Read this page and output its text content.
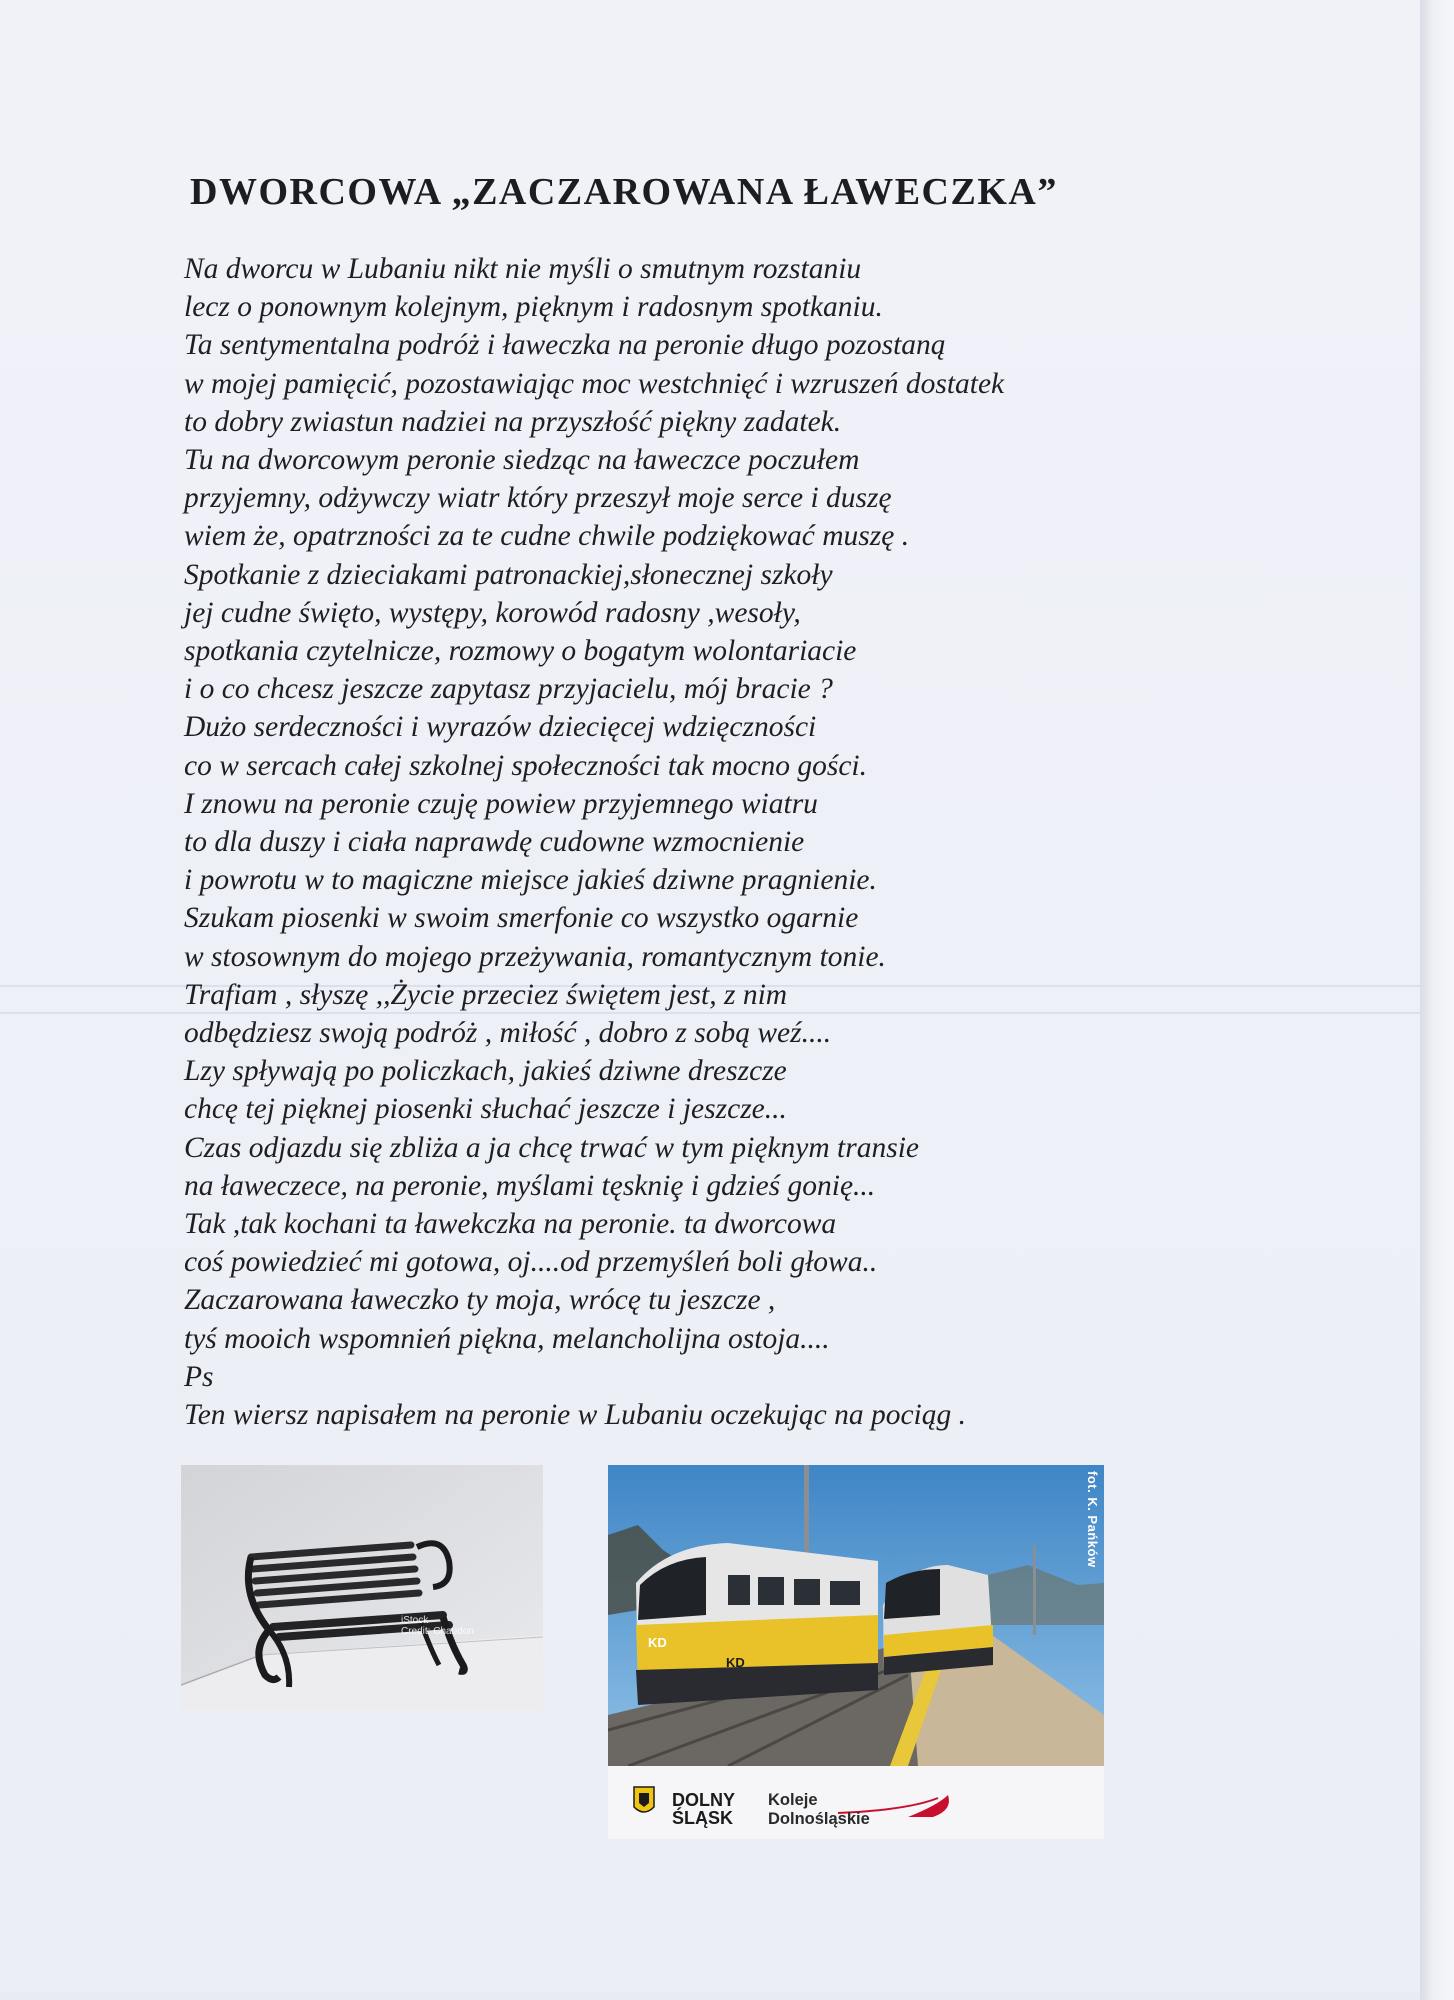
DWORCOWA „ZACZAROWANA ŁAWECZKA”
Na dworcu w Lubaniu nikt nie myśli o smutnym rozstaniu
lecz o ponownym kolejnym, pięknym i radosnym spotkaniu.
Ta sentymentalna podróż i ławeczka na peronie długo pozostaną
w mojej pamięcić, pozostawiając moc westchnięć i wzruszeń dostatek
to dobry zwiastun nadziei na przyszłość piękny zadatek.
Tu na dworcowym peronie siedząc na ławeczce poczułem
przyjemny, odżywczy wiatr który przeszył moje serce i duszę
wiem że, opatrzności za te cudne chwile podziękować muszę .
Spotkanie z dzieciakami patronackiej,słonecznej szkoły
jej cudne święto, występy, korowód radosny ,wesoły,
spotkania czytelnicze, rozmowy o bogatym wolontariacie
i o co chcesz jeszcze zapytasz przyjacielu, mój bracie ?
Dużo serdeczności i wyrazów dziecięcej wdzięczności
co w sercach całej szkolnej społeczności tak mocno gości.
I znowu na peronie czuję powiew przyjemnego wiatru
to dla duszy i ciała naprawdę cudowne wzmocnienie
i powrotu w to magiczne miejsce jakieś dziwne pragnienie.
Szukam piosenki w swoim smerfonie co wszystko ogarnie
w stosownym do mojego przeżywania, romantycznym tonie.
Trafiam , słyszę ,,Życie przeciez świętem jest, z nim
odbędziesz swoją podróż , miłość , dobro z sobą weź....
Lzy spływają po policzkach, jakieś dziwne dreszcze
chcę tej pięknej piosenki słuchać jeszcze i jeszcze...
Czas odjazdu się zbliża a ja chcę trwać w tym pięknym transie
na ławeczece, na peronie, myślami tęskniȩ i gdzieś gonię...
Tak ,tak kochani ta ławekczka na peronie. ta dworcowa
coś powiedzieć mi gotowa, oj....od przemyśleń boli głowa..
Zaczarowana ławeczko ty moja, wrócę tu jeszcze ,
tyś mooich wspomnień piękna, melancholijna ostoja....
Ps
Ten wiersz napisałem na peronie w Lubaniu oczekując na pociąg .
iStock
Credit: Chaudon
KD
KD
fot. K. Pańków
DOLNY ŚLĄSK
Koleje Dolnośląskie
